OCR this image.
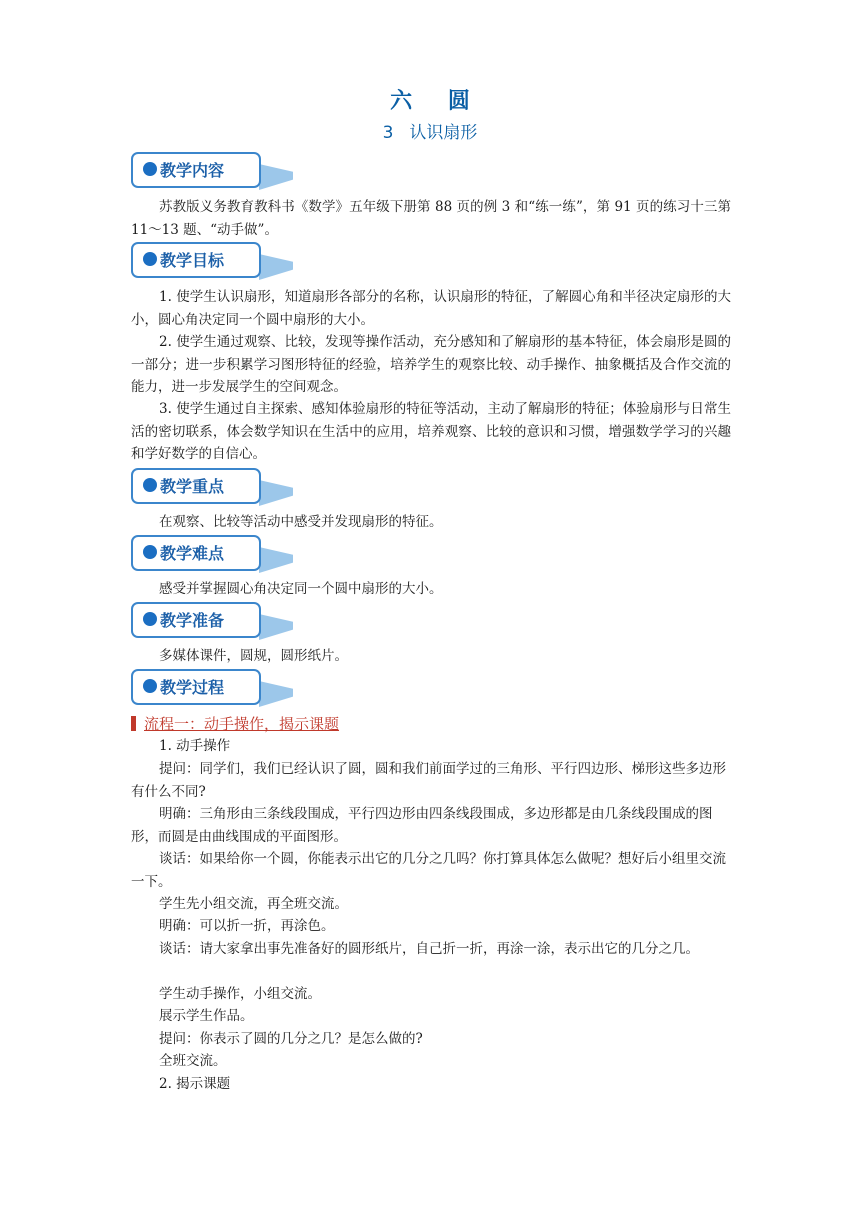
六 圆
3 认识扇形
教学内容

苏教版义务教育教科书《数学》五年级下册第 88 页的例 3 和“练一练”，第 91 页的练习十三第 11～13 题、“动手做”。

教学目标

1. 使学生认识扇形，知道扇形各部分的名称，认识扇形的特征，了解圆心角和半径决定扇形的大小，圆心角决定同一个圆中扇形的大小。

2. 使学生通过观察、比较，发现等操作活动，充分感知和了解扇形的基本特征，体会扇形是圆的一部分；进一步积累学习图形特征的经验，培养学生的观察比较、动手操作、抽象概括及合作交流的能力，进一步发展学生的空间观念。

3. 使学生通过自主探索、感知体验扇形的特征等活动，主动了解扇形的特征；体验扇形与日常生活的密切联系，体会数学知识在生活中的应用，培养观察、比较的意识和习惯，增强数学学习的兴趣和学好数学的自信心。

教学重点

在观察、比较等活动中感受并发现扇形的特征。

教学难点

感受并掌握圆心角决定同一个圆中扇形的大小。

教学准备

多媒体课件，圆规，圆形纸片。

教学过程
流程一：动手操作，揭示课题
1. 动手操作
提问：同学们，我们已经认识了圆，圆和我们前面学过的三角形、平行四边形、梯形这些多边形有什么不同?
明确：三角形由三条线段围成，平行四边形由四条线段围成，多边形都是由几条线段围成的图形，而圆是由曲线围成的平面图形。
谈话：如果给你一个圆，你能表示出它的几分之几吗？你打算具体怎么做呢？想好后小组里交流一下。
学生先小组交流，再全班交流。
明确：可以折一折，再涂色。
谈话：请大家拿出事先准备好的圆形纸片，自己折一折，再涂一涂，表示出它的几分之几。
学生动手操作，小组交流。
展示学生作品。
提问：你表示了圆的几分之几？是怎么做的?
全班交流。
2. 揭示课题
